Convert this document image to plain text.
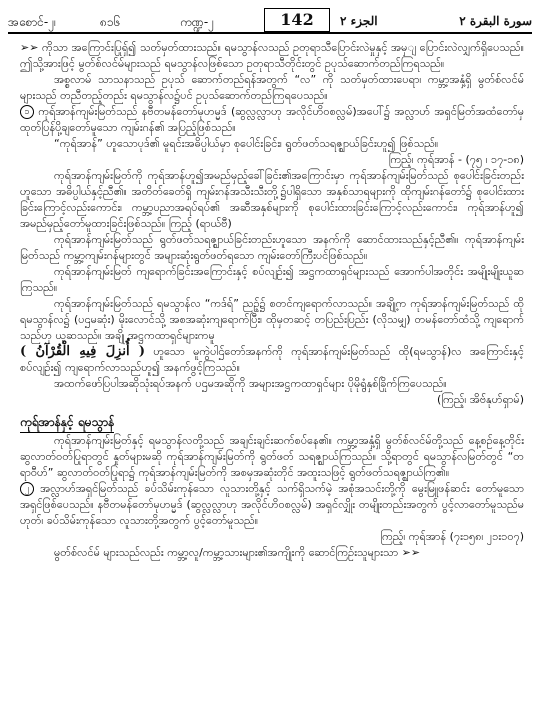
အစောင်-၂၊	၈၁၆	ကဏ္ဍ-၂	142	الجزء ٢	سورة البقرة ٢

➢➢ ကိုသာ အကြောင်းပြုရှ်၍ သတ်မှတ်ထားသည်။ ရမသွာန်လသည် ဥတုရာသီပြောင်းလဲမှုနှင့် အမှျ ပြောင်းလဲလျှက်ရှိပေသည်။ ဤသို့အားဖြင့် မွတ်စ်လင်မ်များသည် ရမသွာန်လဖြစ်သော ဥတုရာသီတိုင်းတွင် ဥပုသ်ဆောက်တည်ကြရသည်။

အစ္စလာမ် သာသနာသည် ဥပုသ် ဆောက်တည်ရန်အတွက် “လ” ကို သတ်မှတ်ထားပေရာ၊ ကမ္ဘာ့အနှံ့ရှိ မွတ်စ်လင်မ်များသည် တညီတည့်တည်း ရမသွာန်လ၌ပင် ဥပုသ်ဆောက်တည်ကြရပေသည်။

၁ ကုရ်အာန်ကျမ်းမြတ်သည် နဗီတမန်တော်မုဟမ္မဒ် (ဆွလ္လလ္လာဟု အလိုင်ဟိဝစလ္လမ်)အပေါ်၌ အလ္လာဟ် အရှင်မြတ်အထံတော်မှ ထုတ်ပြန်ပို့ချတော်မူသော ကျမ်းဂန်၏ အပြည့်ဖြစ်သည်။

“ကုရ်အာန်” ဟူသောပုဒ်၏ မူရင်းအဓိပ္ပါယ်မှာ စုပေါင်းခြင်း၊ ရွတ်ဖတ်သရဇ္ဈာယ်ခြင်းဟူ၍ ဖြစ်သည်။

ကြည့်၊ ကုရ်အာန် - (၇၅ ၊ ၁၇-၁၈)

ကုရ်အာန်ကျမ်းမြတ်ကို ကုရ်အာန်ဟူ၍အမည်မှည့်ခေါ်ခြင်း၏အကြောင်းမှာ ကုရ်အာန်ကျမ်းမြတ်သည် စုပေါင်းခြင်းတည်းဟူသော အဓိပ္ပါယ်နှင့်ညီ၏။ အတိတ်ခေတ်ရှိ ကျမ်းဂန်အသီးသီးတို့၌ပါရှိသော အနှစ်သာရများကို ထိုကျမ်းဂန်တော်၌ စုပေါင်းထားခြင်းကြောင့်လည်းကောင်း၊ ကမ္ဘာ့ပညာအရပ်ရပ်၏ အဆီအနှစ်များကို စုပေါင်းထားခြင်းကြောင့်လည်းကောင်း၊ ကုရ်အာန်ဟူ၍ အမည်မှည့်တော်မူထားခြင်းဖြစ်သည်။ ကြည့် (ရာယ်ဗီ)

ကုရ်အာန်ကျမ်းမြတ်သည် ရွတ်ဖတ်သရဇ္ဈာယ်ခြင်းတည်းဟူသော အနက်ကို ဆောင်ထားသည်နှင့်ညီ၏။ ကုရ်အာန်ကျမ်းမြတ်သည် ကမ္ဘာ့ကျမ်းဂန်များတွင် အများဆုံးရွတ်ဖတ်ရသော ကျမ်းတော်ကြီးပင်ဖြစ်သည်။

ကုရ်အာန်ကျမ်းမြတ် ကျရောက်ခြင်းအကြောင်းနှင့် စပ်လျဉ်း၍ အဋ္ဌကထာရှင်များသည် အောက်ပါအတိုင်း အမျိုးမျိုးယူဆကြသည်။

ကုရ်အာန်ကျမ်းမြတ်သည် ရမသွာန်လ “ကဒ်ရ်” ညဉ့်၌ စတင်ကျရောက်လာသည်။ အချို့က ကုရ်အာန်ကျမ်းမြတ်သည် ထိုရမသွာန်လ၌ (ပဌမဆုံး) မိုးလောင်သို့ အစအဆုံးကျရောက်ပြီး၊ ထိုမှတဆင့် တပြည်းပြည်း (လိုသမျှ) တမန်တော်ထံသို့ ကျရောက်သည်ဟု ယူဆသည်။ အချို့ အဋ္ဌကထာရှင်များကမူ

( أُنزِلَ فِيهِ الْقُرْآنُ ) ဟူသော မူကွဲပါဌ်တော်အနက်ကို ကုရ်အာန်ကျမ်းမြတ်သည် ထို(ရမသွာန်)လ အကြောင်းနှင့် စပ်လျဉ်း၍ ကျရောက်လာသည်ဟူ၍ အနက်ဖွင့်ကြသည်။

အထက်ဖော်ပြပါအဆိုသုံးရပ်အနက် ပဌမအဆိုကို အများအဋ္ဌကထာရှင်များ ပိုမိုရွံနှစ်ခြိုက်ကြပေသည်။

(ကြည့်၊ အိဗ်နုဟ်ရှာမ်)

ကုရ်အာန်နှင့် ရမသွာန်

ကုရ်အာန်ကျမ်းမြတ်နှင့် ရမသွာန်လတို့သည် အချင်းချင်းဆက်စပ်နေ၏။ ကမ္ဘာ့အနှံ့ရှိ မွတ်စ်လင်မ်တို့သည် နေ့စဉ်နေ့တိုင်း ဆွလာတ်ဝတ်ပြုရာတွင် နှုတ်များမဆို ကုရ်အာန်ကျမ်းမြတ်ကို ရွတ်ဖတ် သရဇ္ဈာယ်ကြသည်။ သို့ရာတွင် ရမသွာန်လမြတ်တွင် “တရာဝီဟ်” ဆွလာတ်ဝတ်ပြုရာ၌ ကုရ်အာန်ကျမ်းမြတ်ကို အစမှအဆုံးတိုင် အထူးသဖြင့် ရွတ်ဖတ်သရဇ္ဈာယ်ကြ၏။

၂ အလ္လာဟ်အရှင်မြတ်သည် ခပ်သိမ်းကုန်သော လူသားတို့နှင့် သက်ရှိသက်မဲ့ အစုံအသင်းတို့ကို မွေးမြူဖန်ဆင်း တော်မူသောအရှင်ဖြစ်ပေသည်။ နဗီတမန်တော်မုဟမ္မဒ် (ဆွလ္လလ္လာဟု အလိုင်ဟိဝစလ္လမ်) အရှင်လျှိုး တမျိုးတည်းအတွက် ပွင့်လာတော်မူသည်မဟုတ်၊ ခပ်သိမ်းကုန်သော လူသားတို့အတွက် ပွင့်တော်မူသည်။

ကြည့်၊ ကုရ်အာန် (၇း၁၅၈၊ ၂၁း၁၀၇)

မွတ်စ်လင်မ် များသည်လည်း ကမ္ဘာ့လူ/ကမ္ဘာ့သားများ၏အကျိုးကို ဆောင်ကြဉ်းသူများသာ ➢➢
